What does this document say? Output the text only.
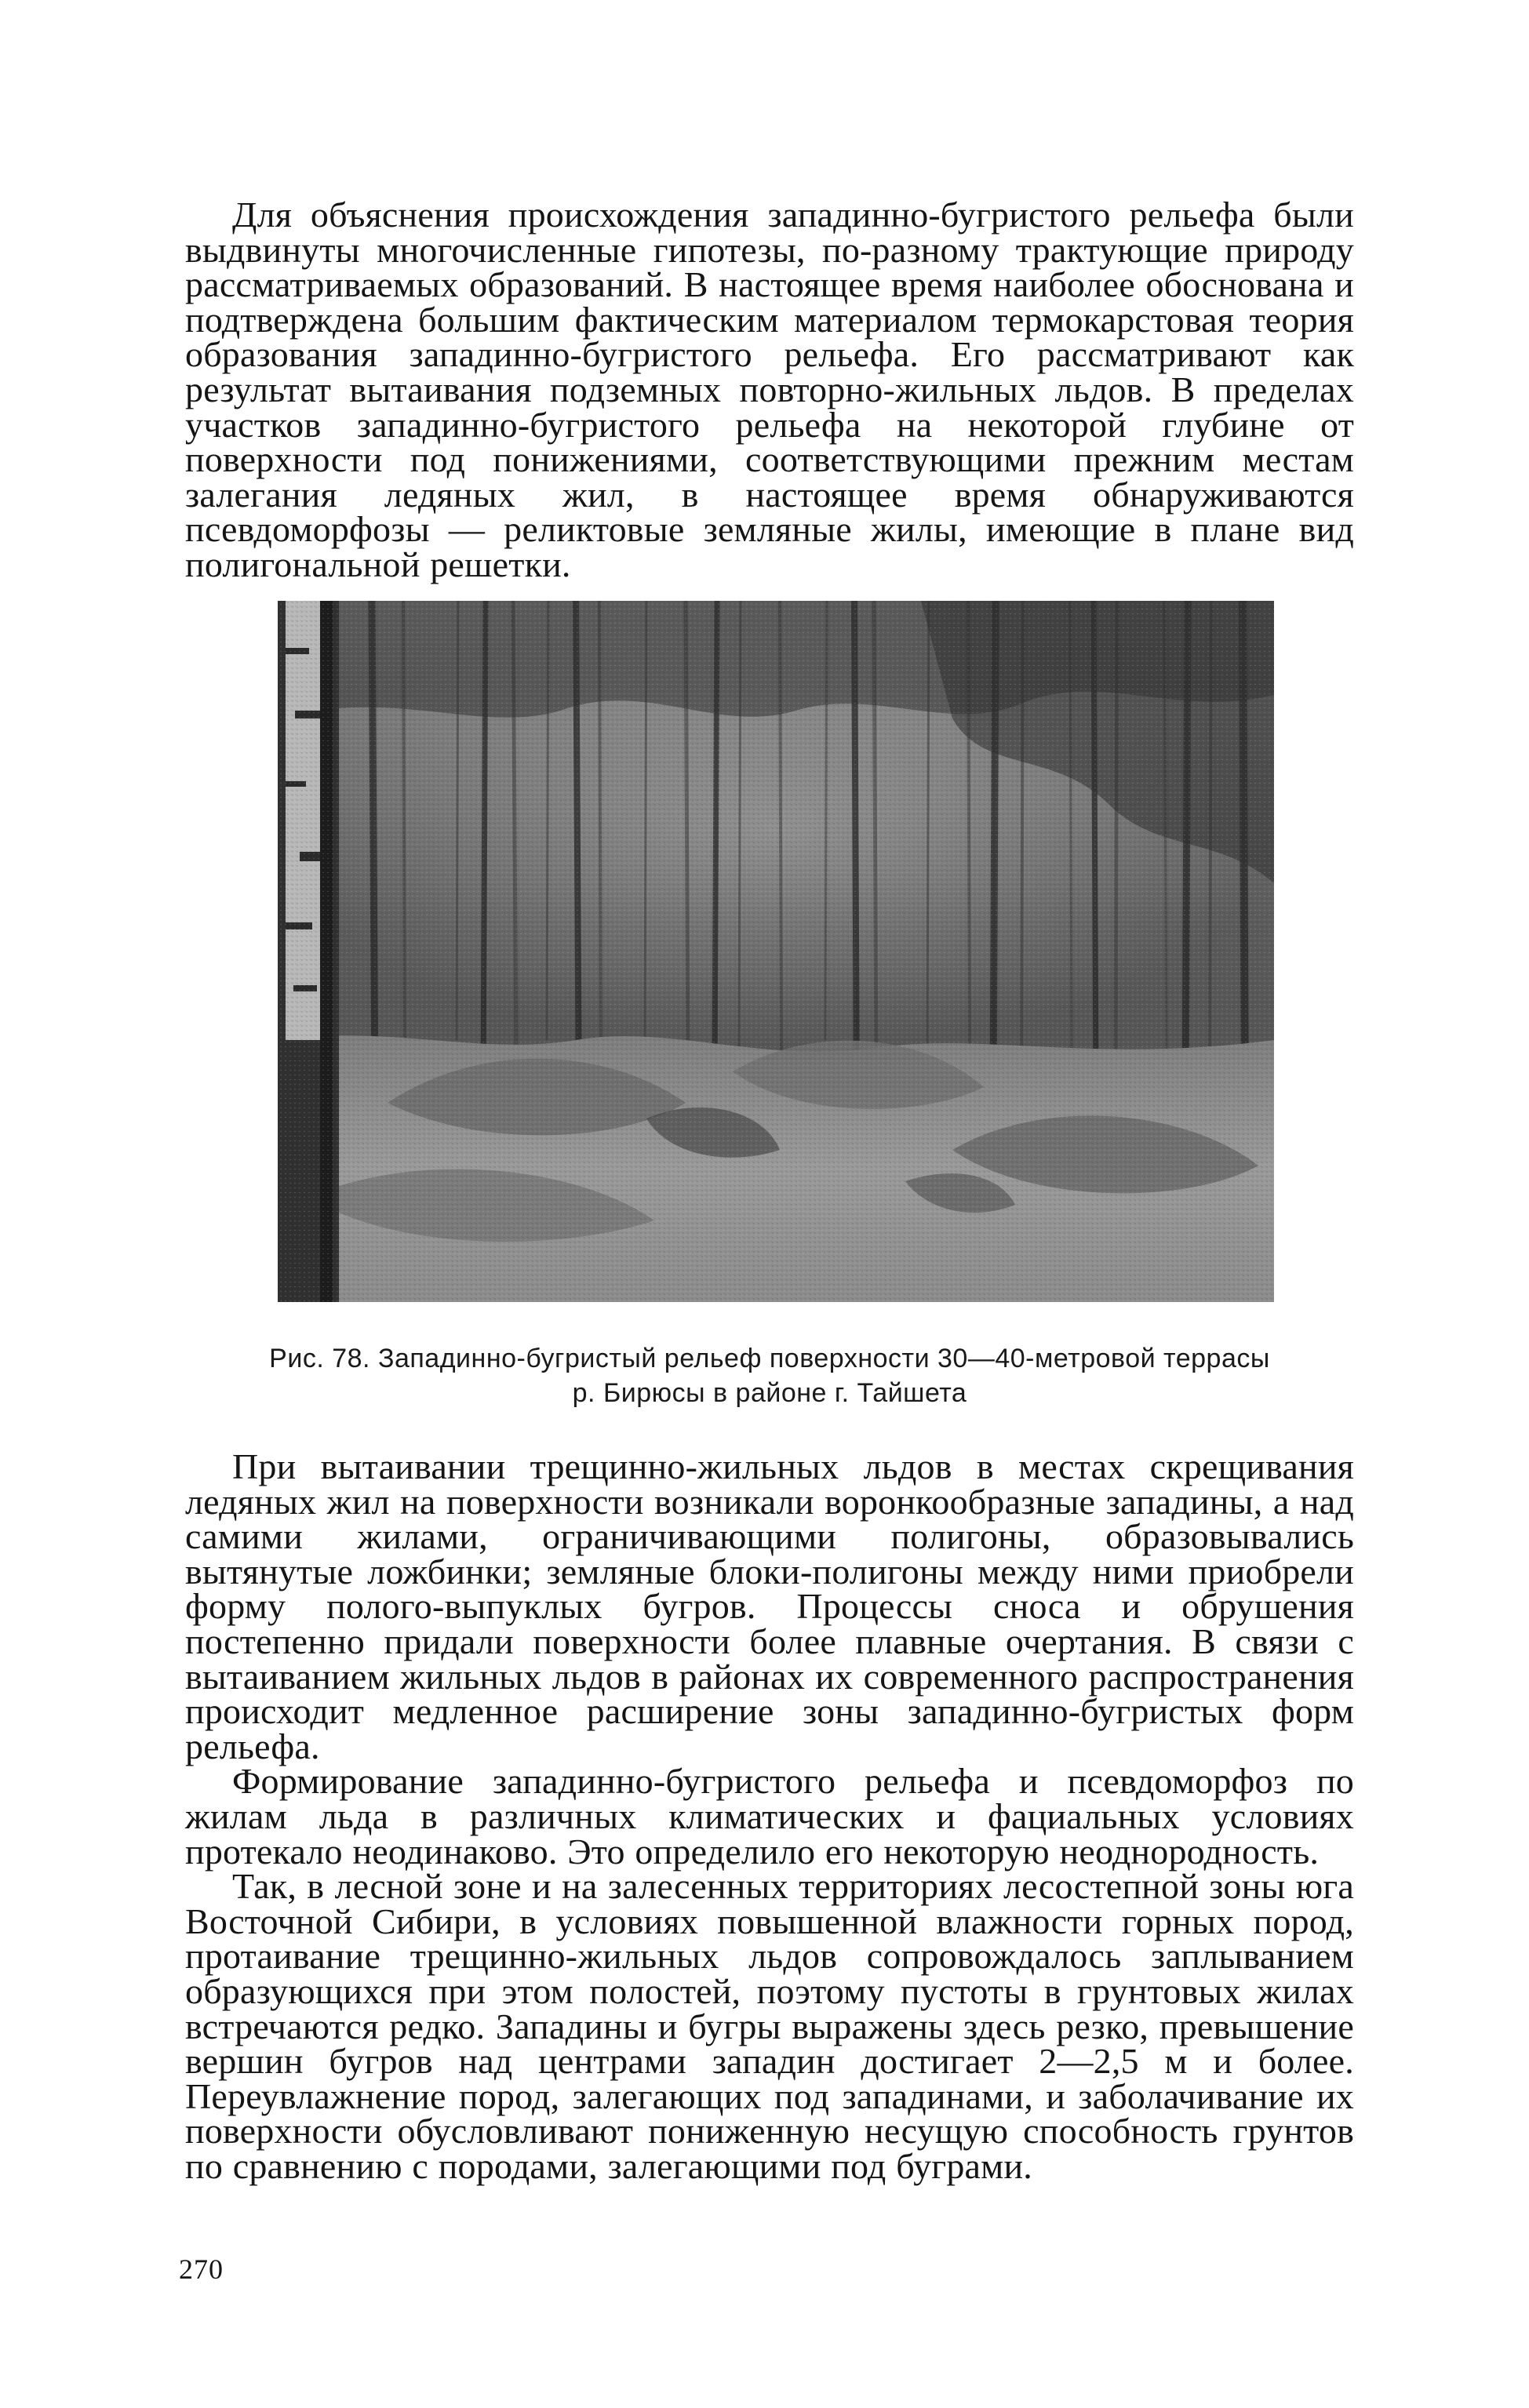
Для объяснения происхождения западинно-бугристого рельефа были выдвинуты многочисленные гипотезы, по-разному трактующие природу рассматриваемых образований. В настоящее время наиболее обоснована и подтверждена большим фактическим материалом термокарстовая теория образования западинно-бугристого рельефа. Его рассматривают как результат вытаивания подземных повторно-жильных льдов. В пределах участков западинно-бугристого рельефа на некоторой глубине от поверхности под понижениями, соответствующими прежним местам залегания ледяных жил, в настоящее время обнаруживаются псевдоморфозы — реликтовые земляные жилы, имеющие в плане вид полигональной решетки.

Рис. 78. Западинно-бугристый рельеф поверхности 30—40-метровой террасы
р. Бирюсы в районе г. Тайшета

При вытаивании трещинно-жильных льдов в местах скрещивания ледяных жил на поверхности возникали воронкообразные западины, а над самими жилами, ограничивающими полигоны, образовывались вытянутые ложбинки; земляные блоки-полигоны между ними приобрели форму полого-выпуклых бугров. Процессы сноса и обрушения постепенно придали поверхности более плавные очертания. В связи с вытаиванием жильных льдов в районах их современного распространения происходит медленное расширение зоны западинно-бугристых форм рельефа.

Формирование западинно-бугристого рельефа и псевдоморфоз по жилам льда в различных климатических и фациальных условиях протекало неодинаково. Это определило его некоторую неоднородность.

Так, в лесной зоне и на залесенных территориях лесостепной зоны юга Восточной Сибири, в условиях повышенной влажности горных пород, протаивание трещинно-жильных льдов сопровождалось заплыванием образующихся при этом полостей, поэтому пустоты в грунтовых жилах встречаются редко. Западины и бугры выражены здесь резко, превышение вершин бугров над центрами западин достигает 2—2,5 м и более. Переувлажнение пород, залегающих под западинами, и заболачивание их поверхности обусловливают пониженную несущую способность грунтов по сравнению с породами, залегающими под буграми.

270
